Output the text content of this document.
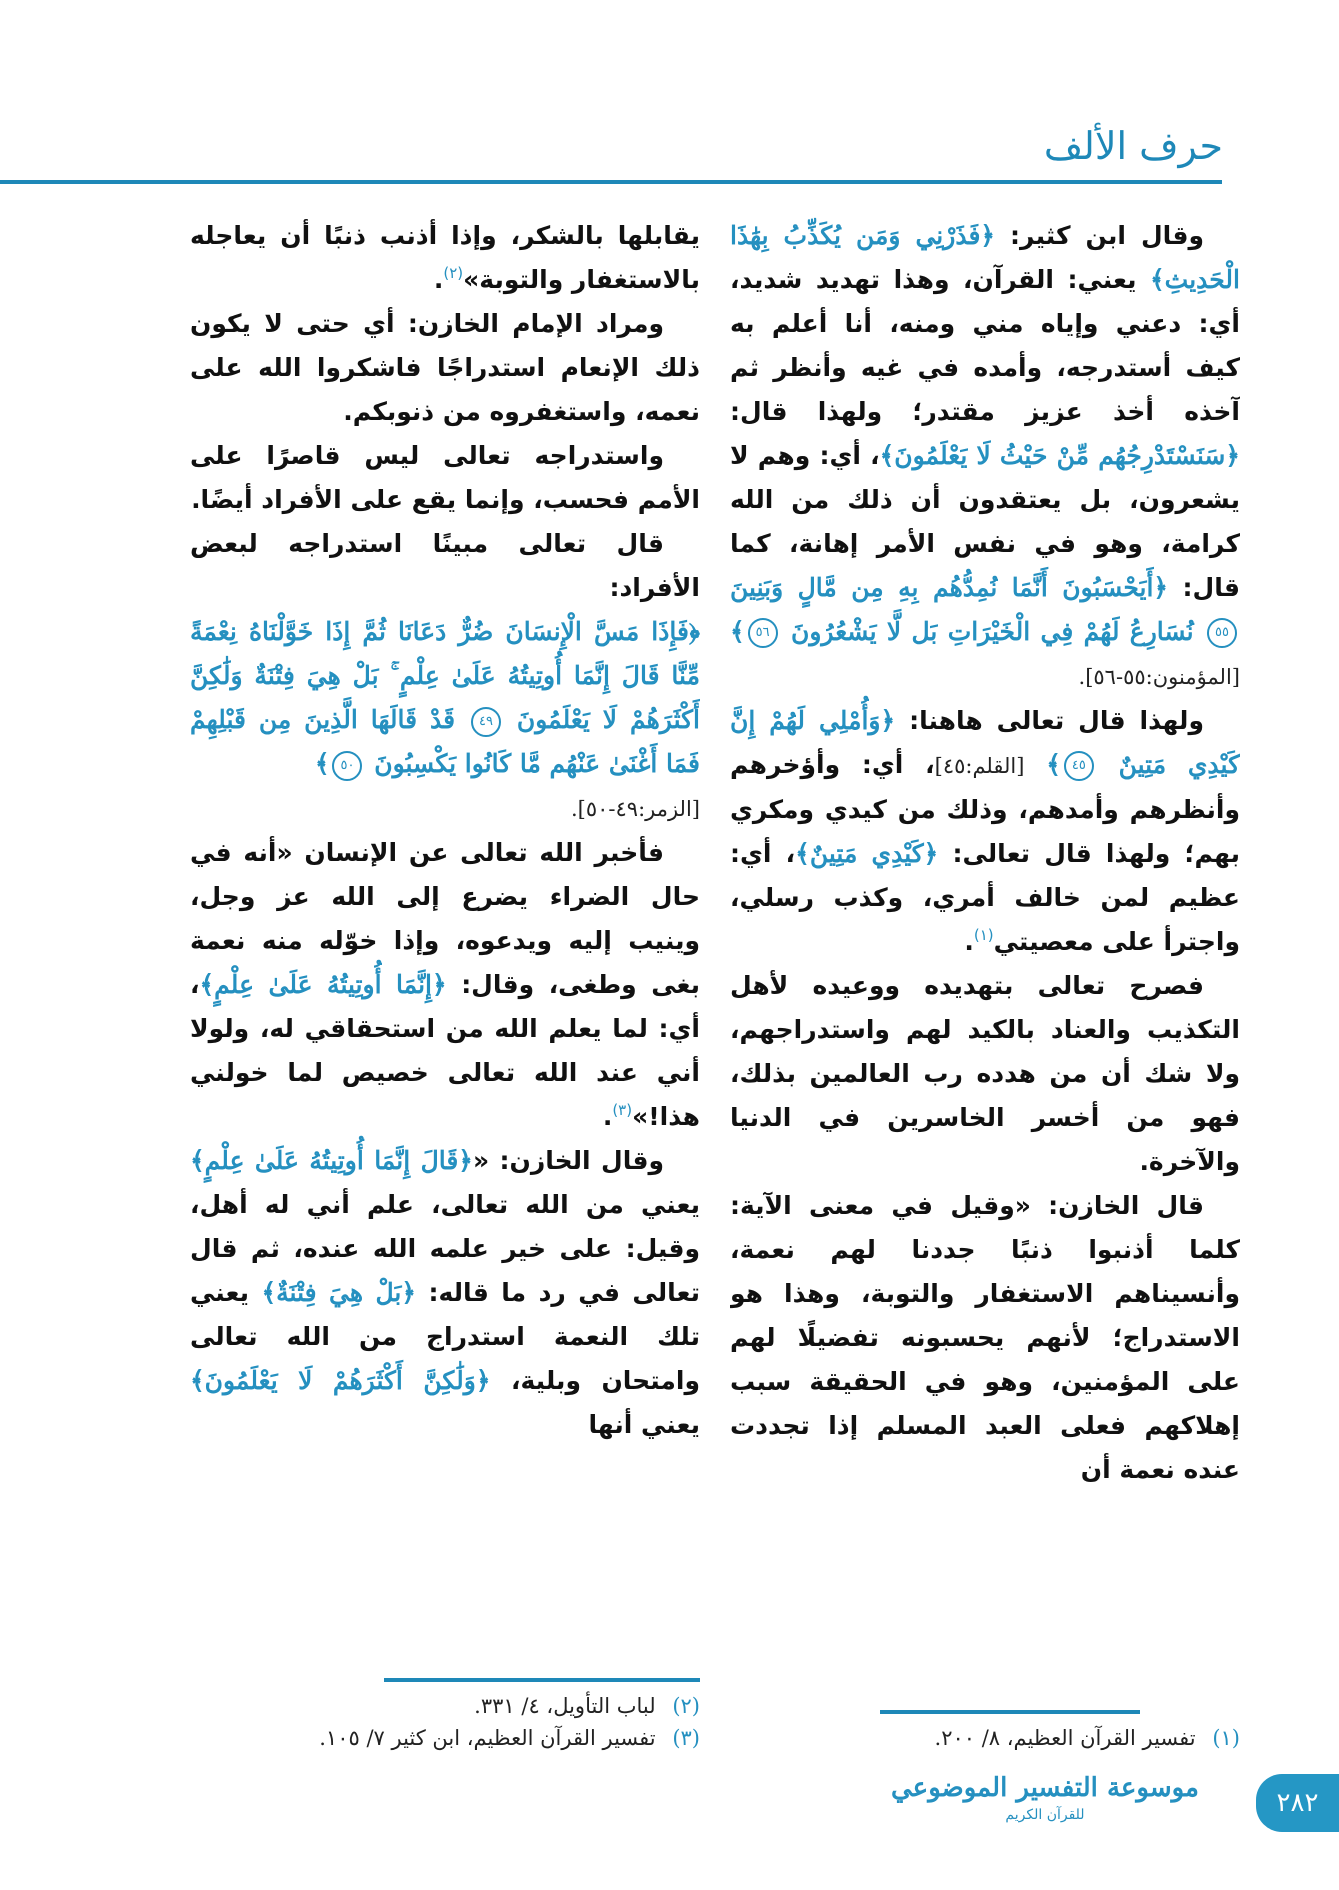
حرف الألف

وقال ابن كثير: ﴿فَذَرْنِي وَمَن يُكَذِّبُ بِهَٰذَا الْحَدِيثِ﴾ يعني: القرآن، وهذا تهديد شديد، أي: دعني وإياه مني ومنه، أنا أعلم به كيف أستدرجه، وأمده في غيه وأنظر ثم آخذه أخذ عزيز مقتدر؛ ولهذا قال: ﴿سَنَسْتَدْرِجُهُم مِّنْ حَيْثُ لَا يَعْلَمُونَ﴾، أي: وهم لا يشعرون، بل يعتقدون أن ذلك من الله كرامة، وهو في نفس الأمر إهانة، كما قال: ﴿أَيَحْسَبُونَ أَنَّمَا نُمِدُّهُم بِهِ مِن مَّالٍ وَبَنِينَ ٥٥ نُسَارِعُ لَهُمْ فِي الْخَيْرَاتِ بَل لَّا يَشْعُرُونَ ٥٦﴾ [المؤمنون:٥٥-٥٦].

ولهذا قال تعالى هاهنا: ﴿وَأُمْلِي لَهُمْ إِنَّ كَيْدِي مَتِينٌ ٤٥﴾ [القلم:٤٥]، أي: وأؤخرهم وأنظرهم وأمدهم، وذلك من كيدي ومكري بهم؛ ولهذا قال تعالى: ﴿كَيْدِي مَتِينٌ﴾، أي: عظيم لمن خالف أمري، وكذب رسلي، واجترأ على معصيتي$^{(١)}$.

فصرح تعالى بتهديده ووعيده لأهل التكذيب والعناد بالكيد لهم واستدراجهم، ولا شك أن من هدده رب العالمين بذلك، فهو من أخسر الخاسرين في الدنيا والآخرة.

قال الخازن: «وقيل في معنى الآية: كلما أذنبوا ذنبًا جددنا لهم نعمة، وأنسيناهم الاستغفار والتوبة، وهذا هو الاستدراج؛ لأنهم يحسبونه تفضيلًا لهم على المؤمنين، وهو في الحقيقة سبب إهلاكهم فعلى العبد المسلم إذا تجددت عنده نعمة أن

(١) تفسير القرآن العظيم، ٨/ ٢٠٠.

يقابلها بالشكر، وإذا أذنب ذنبًا أن يعاجله بالاستغفار والتوبة»$^{(٢)}$.

ومراد الإمام الخازن: أي حتى لا يكون ذلك الإنعام استدراجًا فاشكروا الله على نعمه، واستغفروه من ذنوبكم.

واستدراجه تعالى ليس قاصرًا على الأمم فحسب، وإنما يقع على الأفراد أيضًا.

قال تعالى مبينًا استدراجه لبعض الأفراد:

﴿فَإِذَا مَسَّ الْإِنسَانَ ضُرٌّ دَعَانَا ثُمَّ إِذَا خَوَّلْنَاهُ نِعْمَةً مِّنَّا قَالَ إِنَّمَا أُوتِيتُهُ عَلَىٰ عِلْمٍ ۚ بَلْ هِيَ فِتْنَةٌ وَلَٰكِنَّ أَكْثَرَهُمْ لَا يَعْلَمُونَ ٤٩ قَدْ قَالَهَا الَّذِينَ مِن قَبْلِهِمْ فَمَا أَغْنَىٰ عَنْهُم مَّا كَانُوا يَكْسِبُونَ ٥٠﴾

[الزمر:٤٩-٥٠].

فأخبر الله تعالى عن الإنسان «أنه في حال الضراء يضرع إلى الله عز وجل، وينيب إليه ويدعوه، وإذا خوّله منه نعمة بغى وطغى، وقال: ﴿إِنَّمَا أُوتِيتُهُ عَلَىٰ عِلْمٍ﴾، أي: لما يعلم الله من استحقاقي له، ولولا أني عند الله تعالى خصيص لما خولني هذا!»$^{(٣)}$.

وقال الخازن: «﴿قَالَ إِنَّمَا أُوتِيتُهُ عَلَىٰ عِلْمٍ﴾ يعني من الله تعالى، علم أني له أهل، وقيل: على خير علمه الله عنده، ثم قال تعالى في رد ما قاله: ﴿بَلْ هِيَ فِتْنَةٌ﴾ يعني تلك النعمة استدراج من الله تعالى وامتحان وبلية، ﴿وَلَٰكِنَّ أَكْثَرَهُمْ لَا يَعْلَمُونَ﴾ يعني أنها

(٢) لباب التأويل، ٤/ ٣٣١.
(٣) تفسير القرآن العظيم، ابن كثير ٧/ ١٠٥.
موسوعة التفسير الموضوعي
للقرآن الكريم	٢٨٢
